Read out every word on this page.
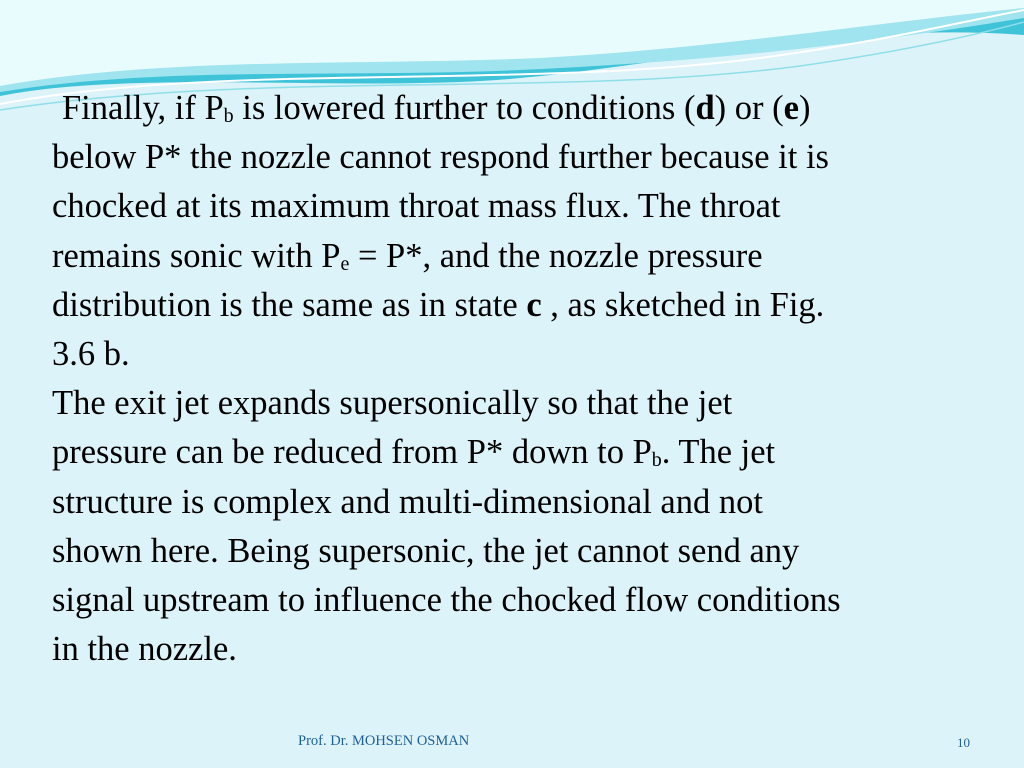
Finally, if $P_b$ is lowered further to conditions (d) or (e)
below P* the nozzle cannot respond further because it is
chocked at its maximum throat mass flux. The throat
remains sonic with $P_e = P*$, and the nozzle pressure
distribution is the same as in state c , as sketched in Fig.
3.6 b.
The exit jet expands supersonically so that the jet
pressure can be reduced from P* down to $P_b$. The jet
structure is complex and multi-dimensional and not
shown here. Being supersonic, the jet cannot send any
signal upstream to influence the chocked flow conditions
in the nozzle.
Prof. Dr. MOHSEN OSMAN	10
